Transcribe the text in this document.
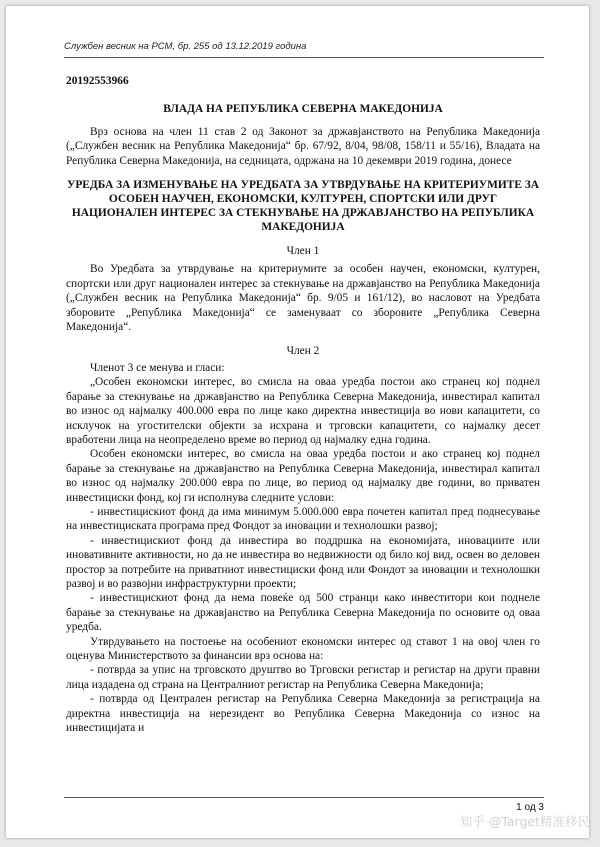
Службен весник на РСМ, бр. 255 од 13.12.2019 година

20192553966

ВЛАДА НА РЕПУБЛИКА СЕВЕРНА МАКЕДОНИЈА

Врз основа на член 11 став 2 од Законот за државјанството на Република Македонија („Службен весник на Република Македонија“ бр. 67/92, 8/04, 98/08, 158/11 и 55/16), Владата на Република Северна Македонија, на седницата, одржана на 10 декември 2019 година, донесе

УРЕДБА ЗА ИЗМЕНУВАЊЕ НА УРЕДБАТА ЗА УТВРДУВАЊЕ НА КРИТЕРИУМИТЕ ЗА ОСОБЕН НАУЧЕН, ЕКОНОМСКИ, КУЛТУРЕН, СПОРТСКИ ИЛИ ДРУГ НАЦИОНАЛЕН ИНТЕРЕС ЗА СТЕКНУВАЊЕ НА ДРЖАВЈАНСТВО НА РЕПУБЛИКА МАКЕДОНИЈА

Член 1

Во Уредбата за утврдување на критериумите за особен научен, економски, културен, спортски или друг национален интерес за стекнување на државјанство на Република Македонија („Службен весник на Република Македонија“ бр. 9/05 и 161/12), во насловот на Уредбата зборовите „Република Македонија“ се заменуваат со зборовите „Република Северна Македонија“.

Член 2

Членот 3 се менува и гласи:

„Особен економски интерес, во смисла на оваа уредба постои ако странец кој поднел барање за стекнување на државјанство на Република Северна Македонија, инвестирал капитал во износ од најмалку 400.000 евра по лице како директна инвестиција во нови капацитети, со исклучок на угостителски објекти за исхрана и трговски капацитети, со најмалку десет вработени лица на неопределено време во период од најмалку една година.

Особен економски интерес, во смисла на оваа уредба постои и ако странец кој поднел барање за стекнување на државјанство на Република Северна Македонија, инвестирал капитал во износ од најмалку 200.000 евра по лице, во период од најмалку две години, во приватен инвестициски фонд, кој ги исполнува следните услови:

- инвестицискиот фонд да има минимум 5.000.000 евра почетен капитал пред поднесување на инвестициската програма пред Фондот за иновации и технолошки развој;

- инвестицискиот фонд да инвестира во поддршка на економијата, иновациите или иновативните активности, но да не инвестира во недвижности од било кој вид, освен во деловен простор за потребите на приватниот инвестициски фонд или Фондот за иновации и технолошки развој и во развојни инфраструктурни проекти;

- инвестицискиот фонд да нема повеќе од 500 странци како инвеститори кои поднеле барање за стекнување на државјанство на Република Северна Македонија по основите од оваа уредба.

Утврдувањето на постоење на особениот економски интерес од ставот 1 на овој член го оценува Министерството за финансии врз основа на:

- потврда за упис на трговското друштво во Трговски регистар и регистар на други правни лица издадена од страна на Централниот регистар на Република Северна Македонија;

- потврда од Централен регистар на Република Северна Македонија за регистрација на директна инвестиција на нерезидент во Република Северна Македонија со износ на инвестицијата и

1 од 3
知乎 @Target精准移民
